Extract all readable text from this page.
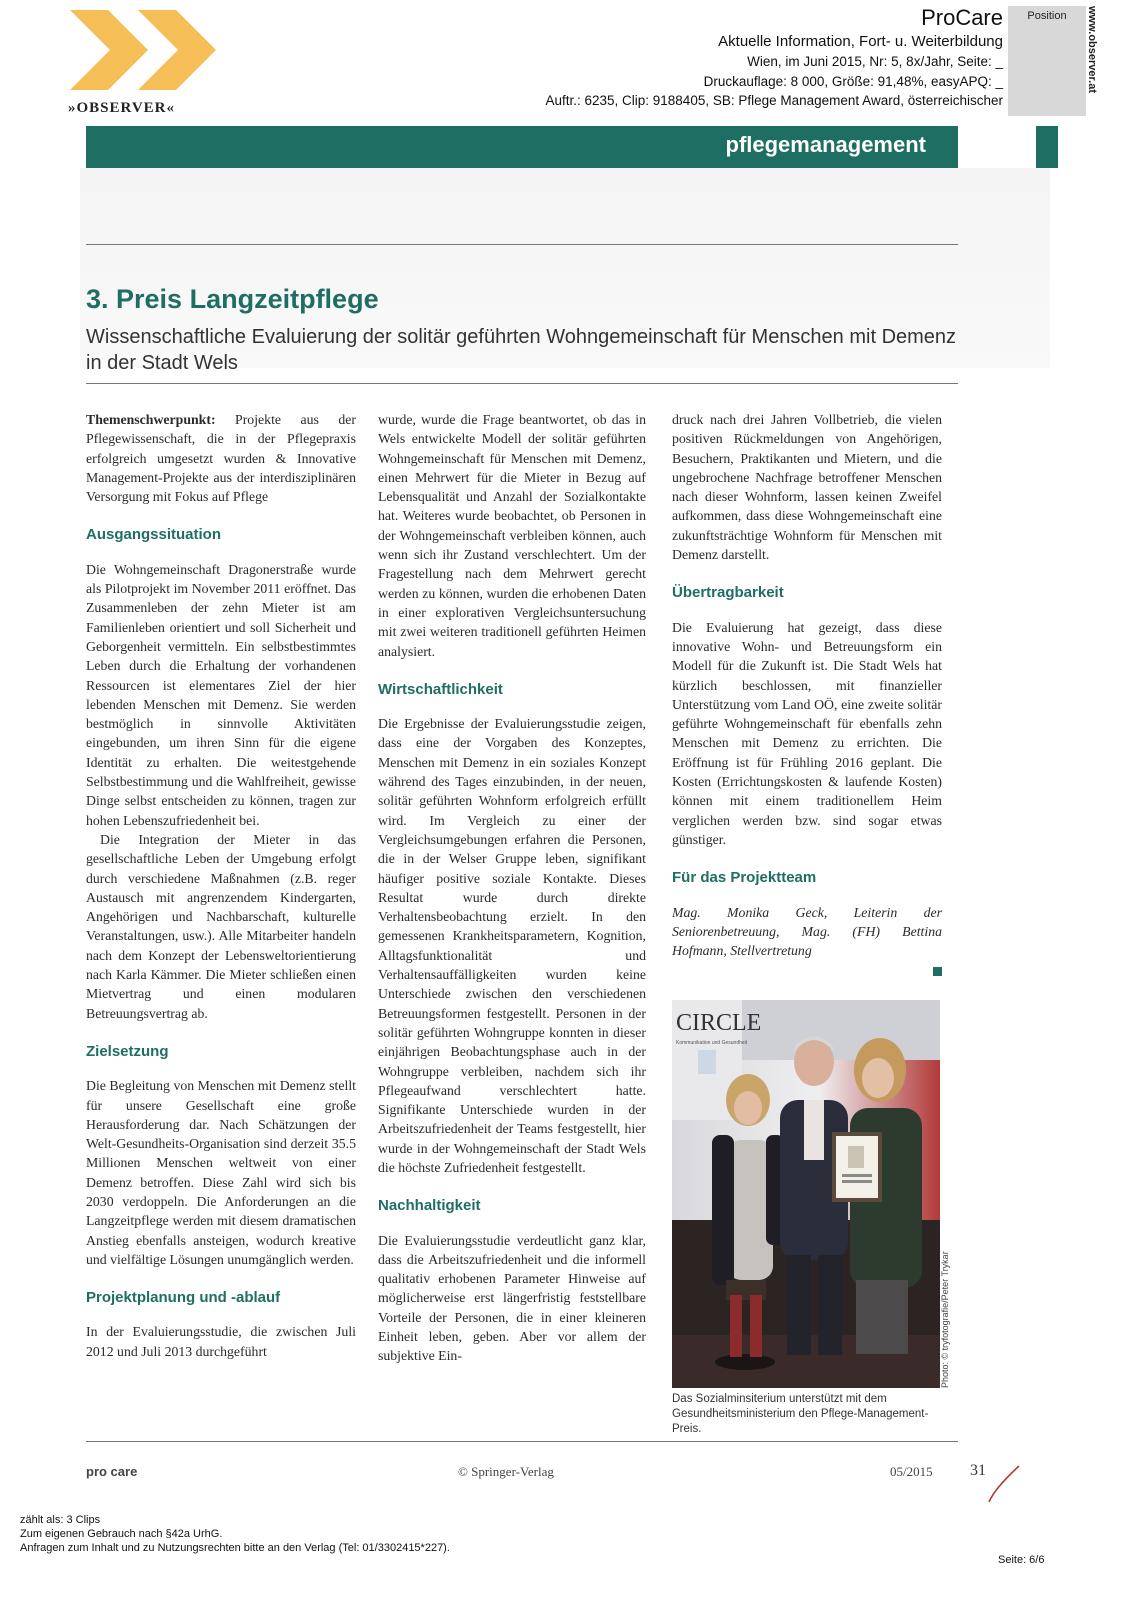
»OBSERVER«
ProCare
Aktuelle Information, Fort- u. Weiterbildung
Wien, im Juni 2015, Nr: 5, 8x/Jahr, Seite: _
Druckauflage: 8 000, Größe: 91,48%, easyAPQ: _
Auftr.: 6235, Clip: 9188405, SB: Pflege Management Award, österreichischer
Position	www.observer.at
pflegemanagement
3. Preis Langzeitpflege
Wissenschaftliche Evaluierung der solitär geführten Wohngemeinschaft für Menschen mit Demenz in der Stadt Wels

Themenschwerpunkt: Projekte aus der Pflegewissenschaft, die in der Pflegepraxis erfolgreich umgesetzt wurden & Innovative Management-Projekte aus der interdisziplinären Versorgung mit Fokus auf Pflege

Ausgangssituation

Die Wohngemeinschaft Dragonerstraße wurde als Pilotprojekt im November 2011 eröffnet. Das Zusammenleben der zehn Mieter ist am Familienleben orientiert und soll Sicherheit und Geborgenheit vermitteln. Ein selbstbestimmtes Leben durch die Erhaltung der vorhandenen Ressourcen ist elementares Ziel der hier lebenden Menschen mit Demenz. Sie werden bestmöglich in sinnvolle Aktivitäten eingebunden, um ihren Sinn für die eigene Identität zu erhalten. Die weitestgehende Selbstbestimmung und die Wahlfreiheit, gewisse Dinge selbst entscheiden zu können, tragen zur hohen Lebenszufriedenheit bei.

Die Integration der Mieter in das gesellschaftliche Leben der Umgebung erfolgt durch verschiedene Maßnahmen (z.B. reger Austausch mit angrenzendem Kindergarten, Angehörigen und Nachbarschaft, kulturelle Veranstaltungen, usw.). Alle Mitarbeiter handeln nach dem Konzept der Lebensweltorientierung nach Karla Kämmer. Die Mieter schließen einen Mietvertrag und einen modularen Betreuungsvertrag ab.

Zielsetzung

Die Begleitung von Menschen mit Demenz stellt für unsere Gesellschaft eine große Herausforderung dar. Nach Schätzungen der Welt-Gesundheits-Organisation sind derzeit 35.5 Millionen Menschen weltweit von einer Demenz betroffen. Diese Zahl wird sich bis 2030 verdoppeln. Die Anforderungen an die Langzeitpflege werden mit diesem dramatischen Anstieg ebenfalls ansteigen, wodurch kreative und vielfältige Lösungen unumgänglich werden.

Projektplanung und -ablauf

In der Evaluierungsstudie, die zwischen Juli 2012 und Juli 2013 durchgeführt

wurde, wurde die Frage beantwortet, ob das in Wels entwickelte Modell der solitär geführten Wohngemeinschaft für Menschen mit Demenz, einen Mehrwert für die Mieter in Bezug auf Lebensqualität und Anzahl der Sozialkontakte hat. Weiteres wurde beobachtet, ob Personen in der Wohngemeinschaft verbleiben können, auch wenn sich ihr Zustand verschlechtert. Um der Fragestellung nach dem Mehrwert gerecht werden zu können, wurden die erhobenen Daten in einer explorativen Vergleichsuntersuchung mit zwei weiteren traditionell geführten Heimen analysiert.

Wirtschaftlichkeit

Die Ergebnisse der Evaluierungsstudie zeigen, dass eine der Vorgaben des Konzeptes, Menschen mit Demenz in ein soziales Konzept während des Tages einzubinden, in der neuen, solitär geführten Wohnform erfolgreich erfüllt wird. Im Vergleich zu einer der Vergleichsumgebungen erfahren die Personen, die in der Welser Gruppe leben, signifikant häufiger positive soziale Kontakte. Dieses Resultat wurde durch direkte Verhaltensbeobachtung erzielt. In den gemessenen Krankheitsparametern, Kognition, Alltagsfunktionalität und Verhaltensauffälligkeiten wurden keine Unterschiede zwischen den verschiedenen Betreuungsformen festgestellt. Personen in der solitär geführten Wohngruppe konnten in dieser einjährigen Beobachtungsphase auch in der Wohngruppe verbleiben, nachdem sich ihr Pflegeaufwand verschlechtert hatte. Signifikante Unterschiede wurden in der Arbeitszufriedenheit der Teams festgestellt, hier wurde in der Wohngemeinschaft der Stadt Wels die höchste Zufriedenheit festgestellt.

Nachhaltigkeit

Die Evaluierungsstudie verdeutlicht ganz klar, dass die Arbeitszufriedenheit und die informell qualitativ erhobenen Parameter Hinweise auf möglicherweise erst längerfristig feststellbare Vorteile der Personen, die in einer kleineren Einheit leben, geben. Aber vor allem der subjektive Ein-

druck nach drei Jahren Vollbetrieb, die vielen positiven Rückmeldungen von Angehörigen, Besuchern, Praktikanten und Mietern, und die ungebrochene Nachfrage betroffener Menschen nach dieser Wohnform, lassen keinen Zweifel aufkommen, dass diese Wohngemeinschaft eine zukunftsträchtige Wohnform für Menschen mit Demenz darstellt.

Übertragbarkeit

Die Evaluierung hat gezeigt, dass diese innovative Wohn- und Betreuungsform ein Modell für die Zukunft ist. Die Stadt Wels hat kürzlich beschlossen, mit finanzieller Unterstützung vom Land OÖ, eine zweite solitär geführte Wohngemeinschaft für ebenfalls zehn Menschen mit Demenz zu errichten. Die Eröffnung ist für Frühling 2016 geplant. Die Kosten (Errichtungskosten & laufende Kosten) können mit einem traditionellem Heim verglichen werden bzw. sind sogar etwas günstiger.

Für das Projektteam

Mag. Monika Geck, Leiterin der Seniorenbetreuung, Mag. (FH) Bettina Hofmann, Stellvertretung

CIRCLE
Kommunikation und Gesundheit
Photo: © tryfotografie/Peter Trykar
Das Sozialminsiterium unterstützt mit dem Gesundheitsministerium den Pflege-Management-Preis.
pro care	© Springer-Verlag	05/2015 31
zählt als: 3 Clips
Zum eigenen Gebrauch nach §42a UrhG.
Anfragen zum Inhalt und zu Nutzungsrechten bitte an den Verlag (Tel: 01/3302415*227).
Seite: 6/6
